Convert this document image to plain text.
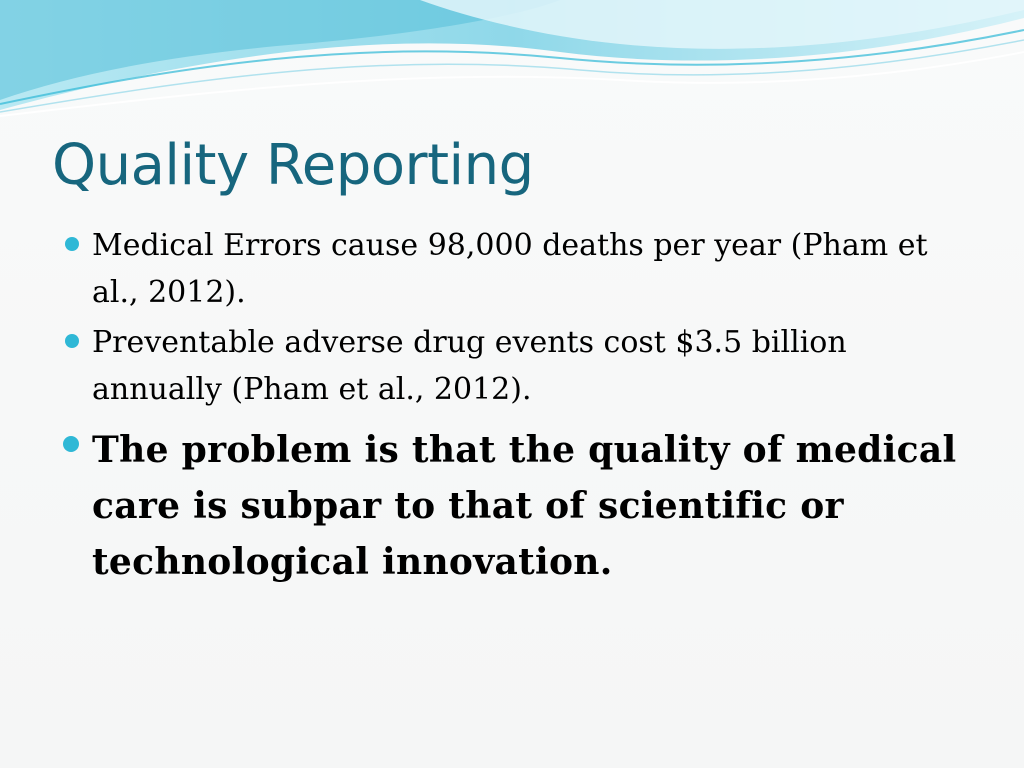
Quality Reporting
Medical Errors cause 98,000 deaths per year (Pham et al., 2012).
Preventable adverse drug events cost $3.5 billion annually (Pham et al., 2012).
The problem is that the quality of medical care is subpar to that of scientific or technological innovation.
